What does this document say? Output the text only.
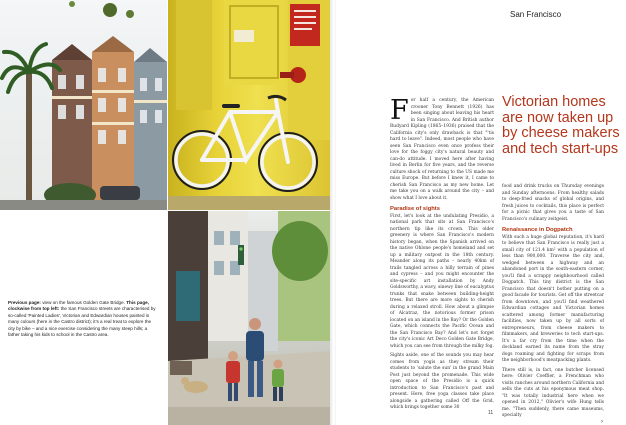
Previous page: view on the famous Golden Gate Bridge. This page, clockwise from top left: the San Francisco streets are characterised by so-called 'Painted Ladies', Victorian and Edwardian houses painted in many colours (here in the Castro district); it's a real treat to explore the city by bike – and a nice exercise considering the many steep hills; a father taking his kids to school in the Castro area.
San Francisco

For half a century, the American crooner Tony Bennett (1926) has been singing about leaving his heart in San Francisco. And British author Rudyard Kipling (1865–1936) praised that the California city's only drawback is that "'tis hard to leave". Indeed, most people who have seen San Francisco even once profess their love for the foggy city's natural beauty and can-do attitude. I moved here after having lived in Berlin for five years, and the reverse culture shock of returning to the US made me miss Europe. But before I knew it, I came to cherish San Francisco as my new home. Let me take you on a walk around the city – and show what I love about it.

Paradise of sights

First, let's look at the undulating Presidio, a national park that sits at San Francisco's northern tip like its crown. This older greenery is where San Francisco's modern history began, when the Spanish arrived on the native Ohlone people's homeland and set up a military outpost in the 18th century. Meander along its paths – nearly 40km of trails tangled across a hilly terrain of pines and cypress – and you might encounter the site-specific art installation by Andy Goldsworthy, a wavy, sinewy line of eucalyptus trunks that snake between building-height trees. But there are more sights to cherish during a relaxed stroll. How about a glimpse of Alcatraz, the notorious former prison located on an island in the Bay? Or the Golden Gate, which connects the Pacific Ocean and the San Francisco Bay? And let's not forget the city's iconic Art Deco Golden Gate Bridge, which you can see from through the milky fog.

Sights aside, one of the sounds you may hear comes from yogis as they stream their students to 'salute the sun' in the grand Main Post just beyond the promenade. This wide open space of the Presidio is a quick introduction to San Francisco's past and present. Here, free yoga classes take place alongside a gathering called Off the Grid, which brings together some 30

Victorian homes are now taken up by cheese makers and tech start-ups

food and drink trucks on Thursday evenings and Sunday afternoons. From healthy salads to deep-fried snacks of global origins, and fresh juices to cocktails, this place is perfect for a picnic that gives you a taste of San Francisco's culinary zeitgeist.

Renaissance in Dogpatch

With such a huge global reputation, it's hard to believe that San Francisco is really just a small city of 121.4 km² with a population of less than 900,000. Traverse the city and, wedged between a highway and an abandoned port in the south-eastern corner, you'll find a scrappy neighbourhood called Dogpatch. This tiny district is the San Francisco that doesn't bother putting on a good facade for tourists. Get off the streetcar from downtown, and you'll find weathered Edwardian cottages and Victorian homes scattered among former manufacturing facilities, now taken up by all sorts of entrepreneurs, from cheese makers to filmmakers, and breweries to tech start-ups. It's a far cry from the time when the dockland earned its name from the stray dogs roaming and fighting for scraps from the neighborhood's meatpacking plants.

There still is, in fact, one butcher licensed here: Olivier Coeffier, a Frenchman who visits ranches around northern California and sells the cuts at his eponymous meat shop. "It was totally industrial here when we opened in 2012," Olivier's wife Hung tells me. "Then suddenly, there came museums, specialty

11
›
